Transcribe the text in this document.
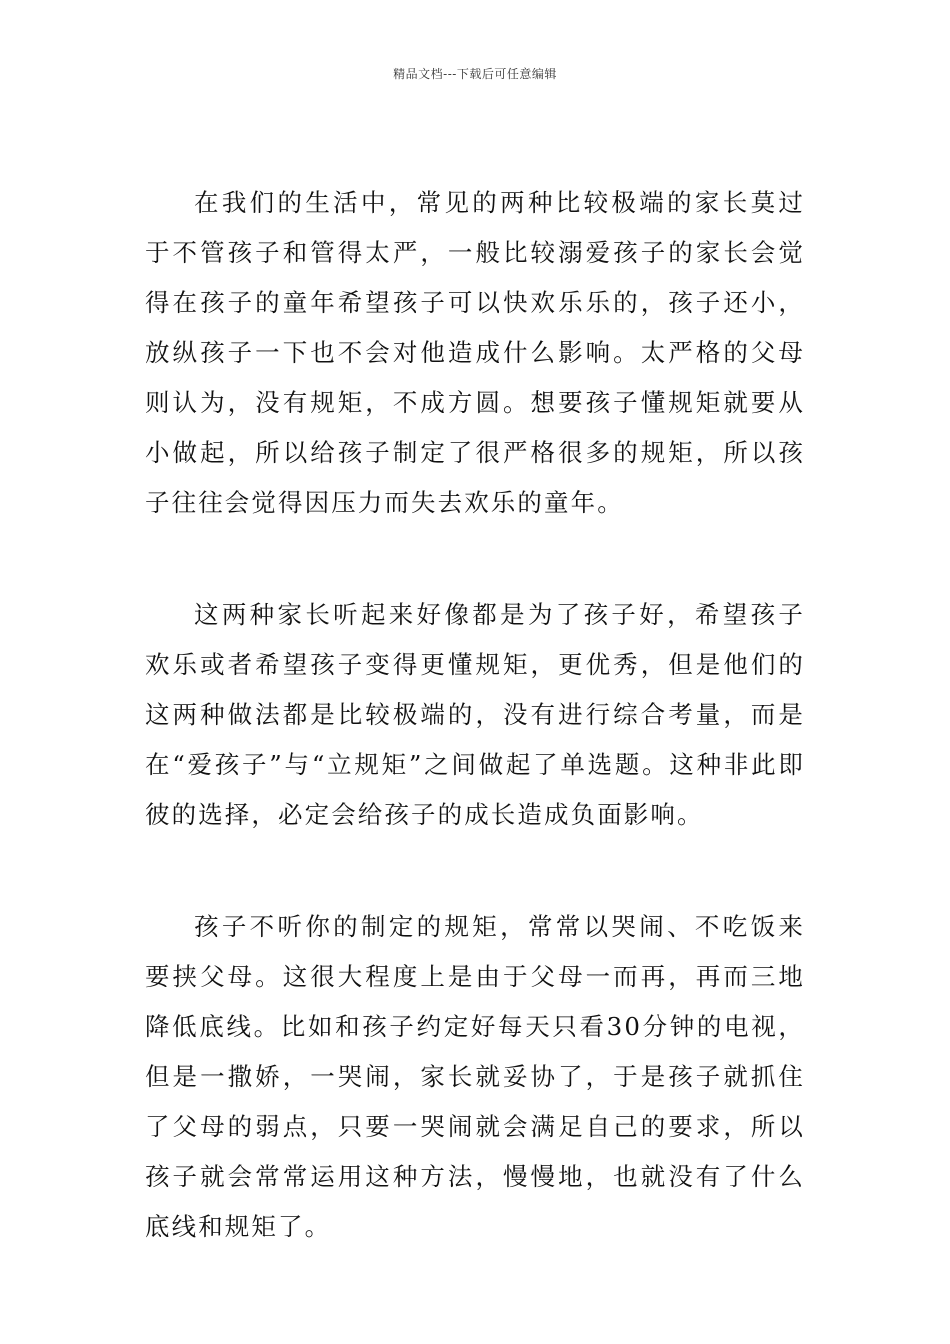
精品文档---下载后可任意编辑

在我们的生活中，常见的两种比较极端的家长莫过于不管孩子和管得太严，一般比较溺爱孩子的家长会觉得在孩子的童年希望孩子可以快欢乐乐的，孩子还小，放纵孩子一下也不会对他造成什么影响。太严格的父母则认为，没有规矩，不成方圆。想要孩子懂规矩就要从小做起，所以给孩子制定了很严格很多的规矩，所以孩子往往会觉得因压力而失去欢乐的童年。

这两种家长听起来好像都是为了孩子好，希望孩子欢乐或者希望孩子变得更懂规矩，更优秀，但是他们的这两种做法都是比较极端的，没有进行综合考量，而是在“爱孩子”与“立规矩”之间做起了单选题。这种非此即彼的选择，必定会给孩子的成长造成负面影响。

孩子不听你的制定的规矩，常常以哭闹、不吃饭来要挟父母。这很大程度上是由于父母一而再，再而三地降低底线。比如和孩子约定好每天只看30分钟的电视，但是一撒娇，一哭闹，家长就妥协了，于是孩子就抓住了父母的弱点，只要一哭闹就会满足自己的要求，所以孩子就会常常运用这种方法，慢慢地，也就没有了什么底线和规矩了。
